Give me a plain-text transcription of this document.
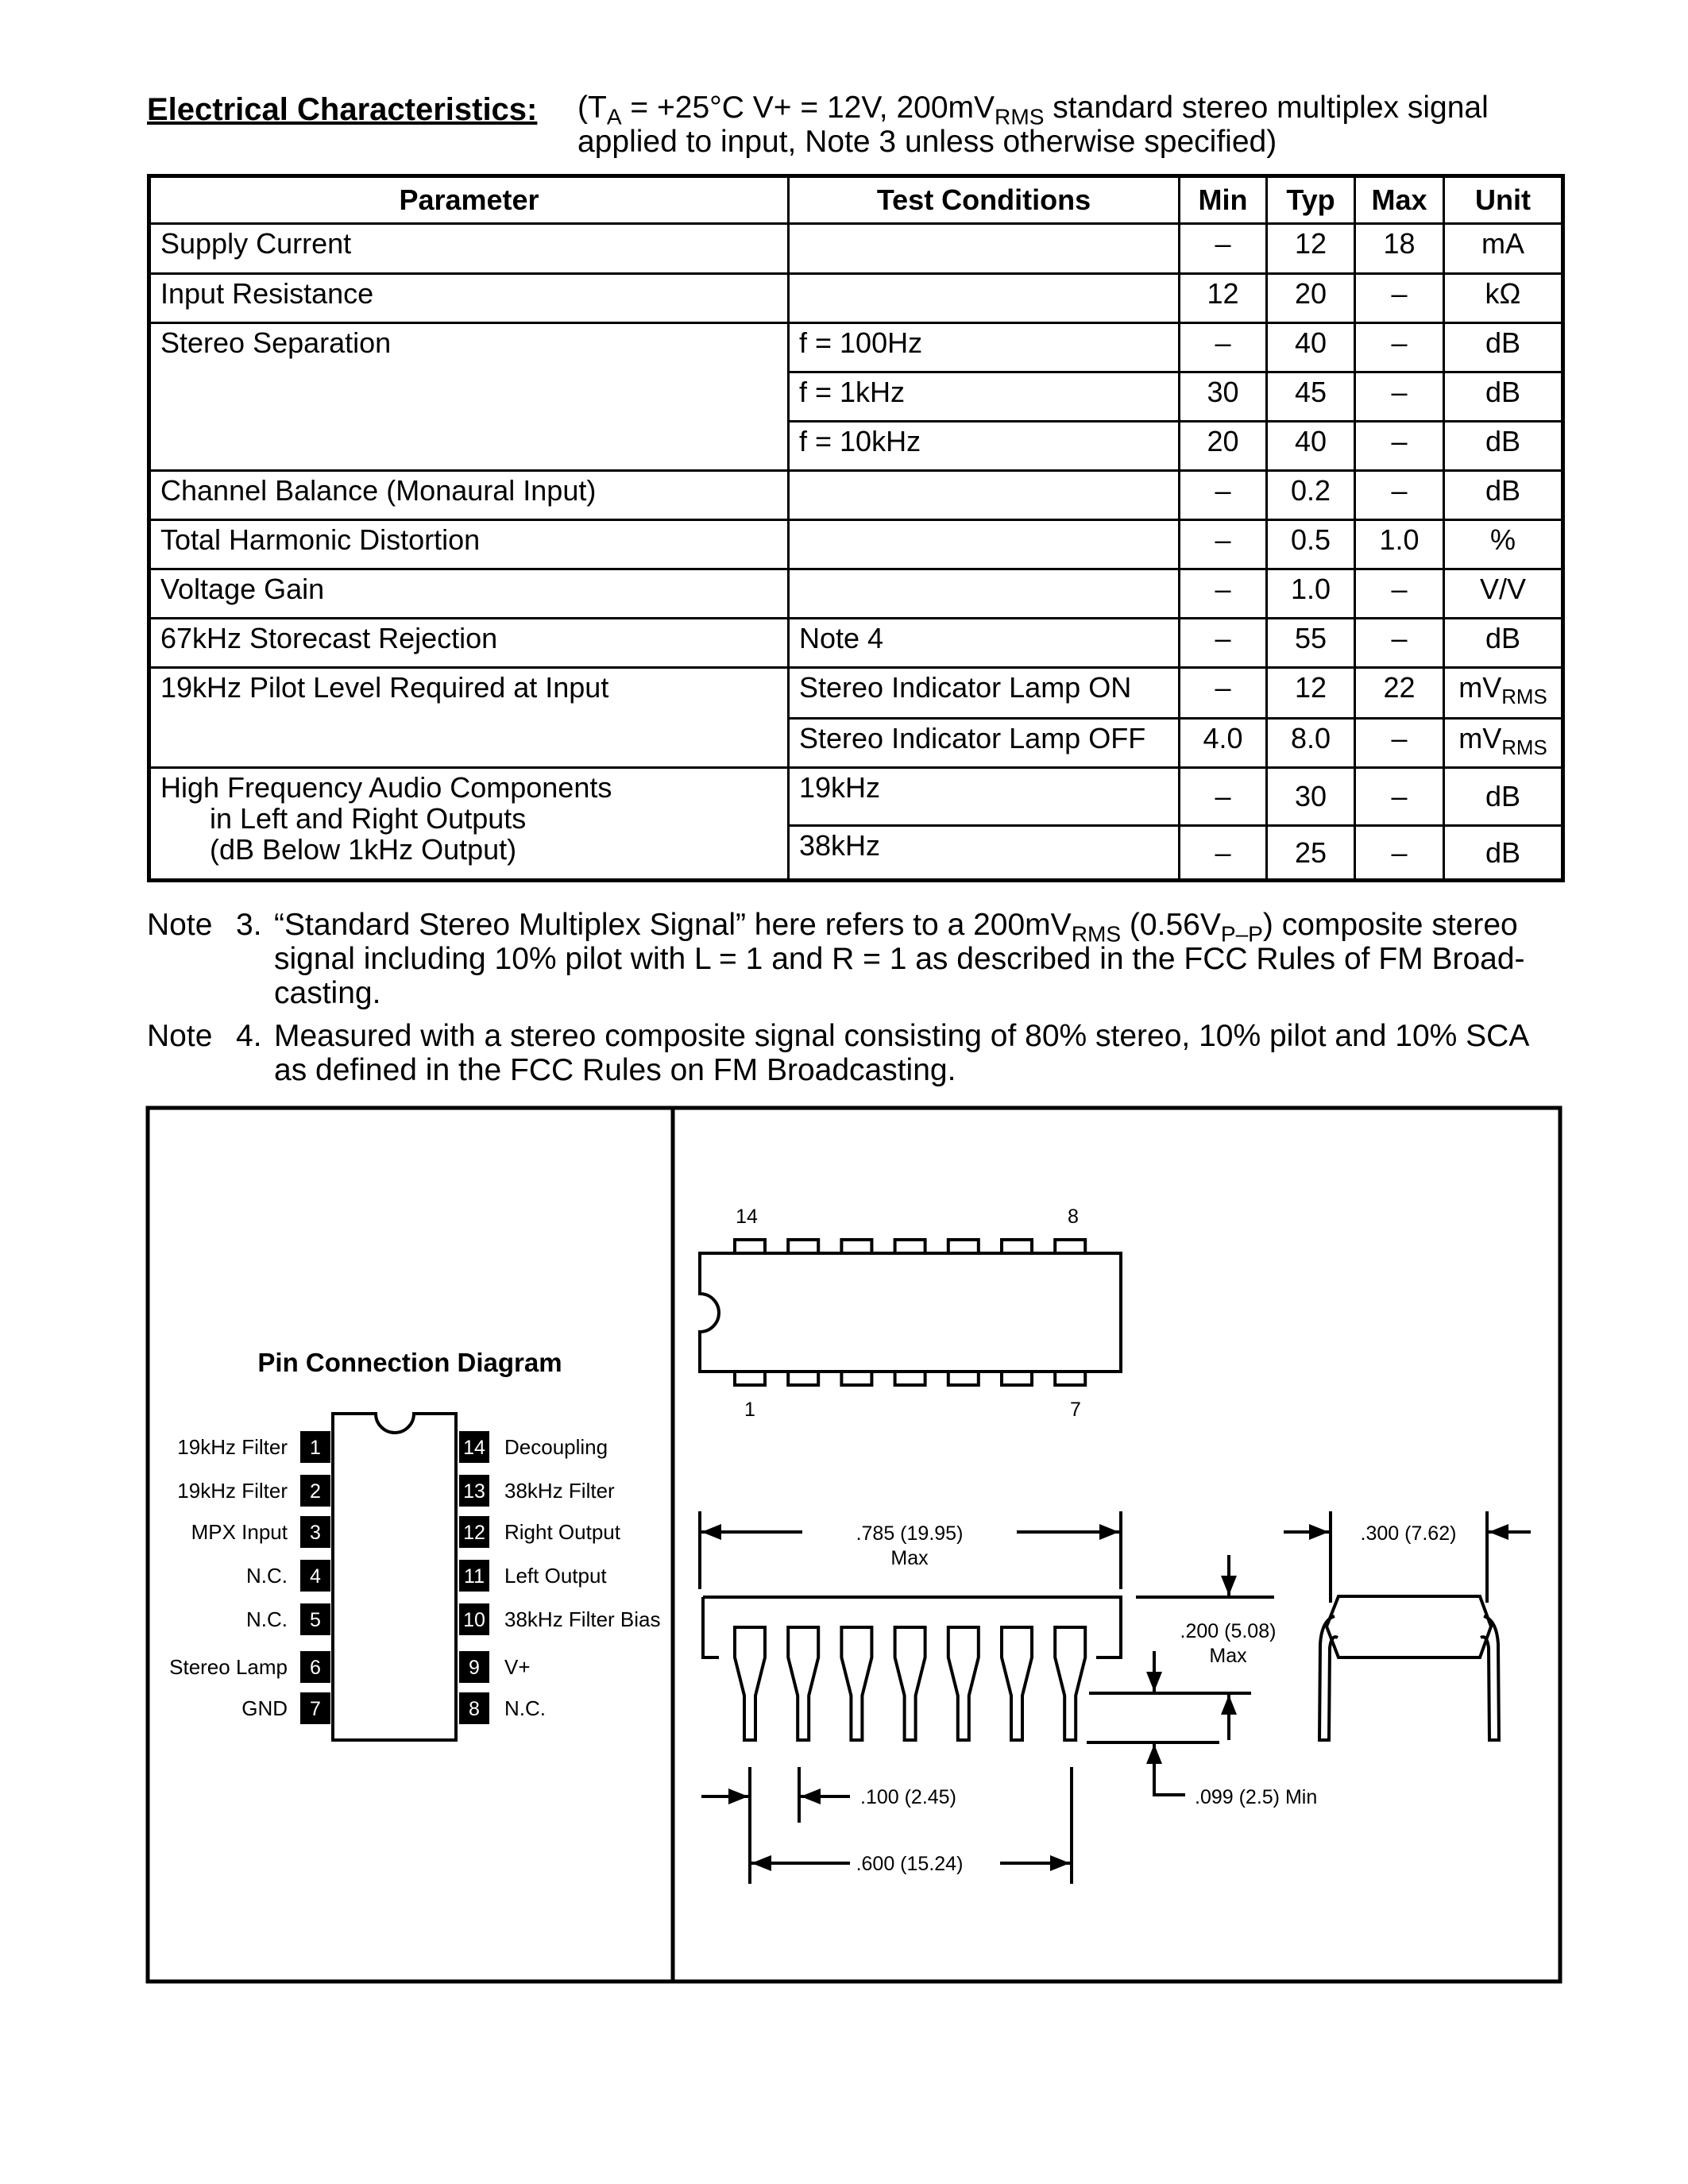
Electrical Characteristics: ($T_A = +25^\circ C$ V+ = 12V, $200mV_{RMS}$ standard stereo multiplex signal
applied to input, Note 3 unless otherwise specified)
Parameter	Test Conditions	Min	Typ	Max	Unit
Supply Current		–	12	18	mA
Input Resistance		12	20	–	kΩ
Stereo Separation	f = 100Hz	–	40	–	dB
	f = 1kHz	30	45	–	dB
	f = 10kHz	20	40	–	dB
Channel Balance (Monaural Input)		–	0.2	–	dB
Total Harmonic Distortion		–	0.5	1.0	%
Voltage Gain		–	1.0	–	V/V
67kHz Storecast Rejection	Note 4	–	55	–	dB
19kHz Pilot Level Required at Input	Stereo Indicator Lamp ON	–	12	22	$mV_{RMS}$
	Stereo Indicator Lamp OFF	4.0	8.0	–	$mV_{RMS}$

High Frequency Audio Components
in Left and Right Outputs
(dB Below 1kHz Output)	19kHz	–	30	–	dB
	38kHz	–	25	–	dB
Note 3. “Standard Stereo Multiplex Signal” here refers to a $200mV_{RMS}$ $(0.56V_{P-P})$ composite stereo
signal including 10% pilot with L = 1 and R = 1 as described in the FCC Rules of FM Broad-
casting.
Note 4. Measured with a stereo composite signal consisting of 80% stereo, 10% pilot and 10% SCA
as defined in the FCC Rules on FM Broadcasting.
Pin Connection Diagram
1
19kHz Filter
2
19kHz Filter
3
MPX Input
4
N.C.
5
N.C.
6
Stereo Lamp
7
GND
14 Decoupling
13 38kHz Filter
12 Right Output
11 Left Output
10 38kHz Filter Bias
9 V+
8 N.C.
14	8
1	7
.785 (19.95)
Max
.200 (5.08)
Max
.300 (7.62)
.100 (2.45)
.600 (15.24)
.099 (2.5) Min
